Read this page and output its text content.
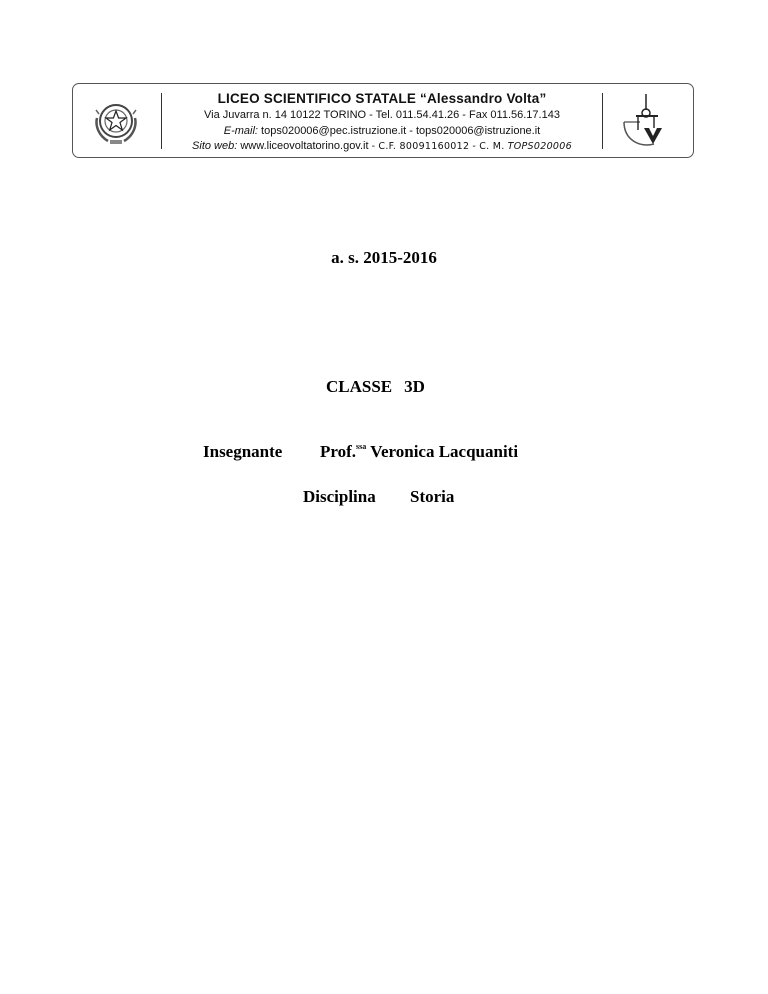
LICEO SCIENTIFICO STATALE “Alessandro Volta”
Via Juvarra n. 14 10122 TORINO - Tel. 011.54.41.26 - Fax 011.56.17.143
E-mail: tops020006@pec.istruzione.it - tops020006@istruzione.it
Sito web: www.liceovoltatorino.gov.it - C.F. 80091160012 - C. M. TOPS020006
a. s. 2015-2016
CLASSE 3D
Insegnante Prof.$^{ssa}$ Veronica Lacquaniti
Disciplina Storia
